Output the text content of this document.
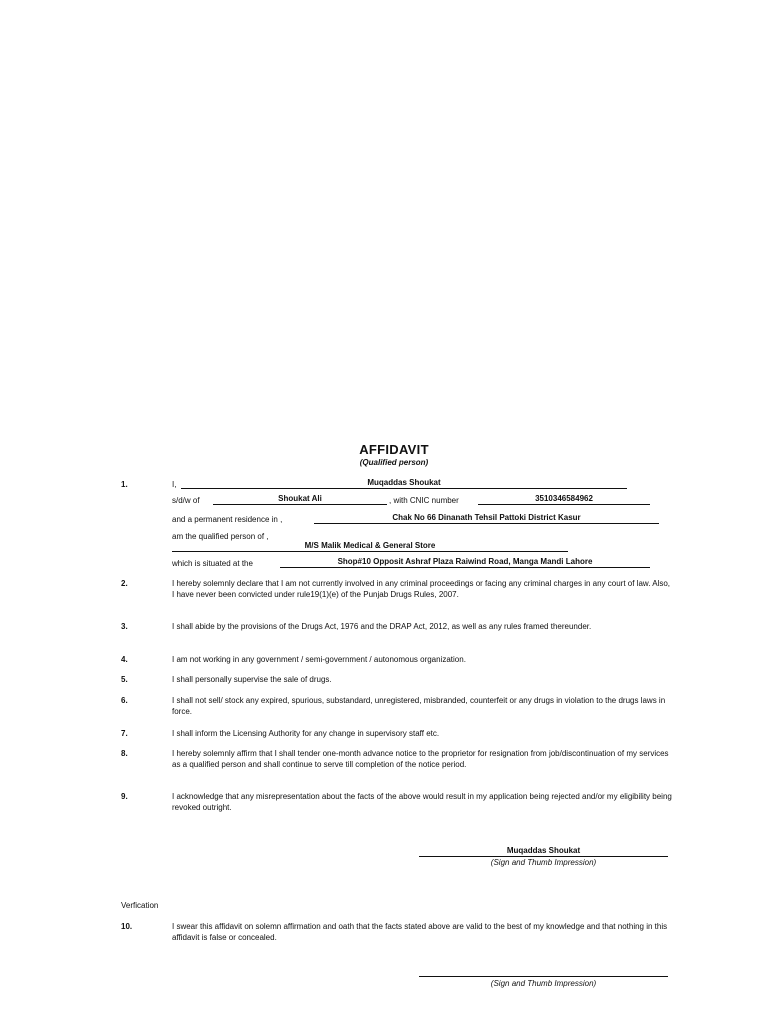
AFFIDAVIT
(Qualified person)
1.	I,	Muqaddas Shoukat
s/d/w of	Shoukat Ali	, with CNIC number	3510346584962
and a permanent residence in ,	Chak No 66 Dinanath Tehsil Pattoki District Kasur
am the qualified person of ,
M/S Malik Medical & General Store
which is situated at the	Shop#10 Opposit Ashraf Plaza Raiwind Road, Manga Mandi Lahore
2.	I hereby solemnly declare that I am not currently involved in any criminal proceedings or facing any criminal charges in any court of law. Also, I have never been convicted under rule19(1)(e) of the Punjab Drugs Rules, 2007.
3.	I shall abide by the provisions of the Drugs Act, 1976 and the DRAP Act, 2012, as well as any rules framed thereunder.
4.	I am not working in any government / semi-government / autonomous organization.
5.	I shall personally supervise the sale of drugs.
6.	I shall not sell/ stock any expired, spurious, substandard, unregistered, misbranded, counterfeit or any drugs in violation to the drugs laws in force.
7.	I shall inform the Licensing Authority for any change in supervisory staff etc.
8.	I hereby solemnly affirm that I shall tender one-month advance notice to the proprietor for resignation from job/discontinuation of my services as a qualified person and shall continue to serve till completion of the notice period.
9.	I acknowledge that any misrepresentation about the facts of the above would result in my application being rejected and/or my eligibility being revoked outright.
Muqaddas Shoukat
(Sign and Thumb Impression)
Verfication
10.	I swear this affidavit on solemn affirmation and oath that the facts stated above are valid to the best of my knowledge and that nothing in this affidavit is false or concealed.
(Sign and Thumb Impression)
